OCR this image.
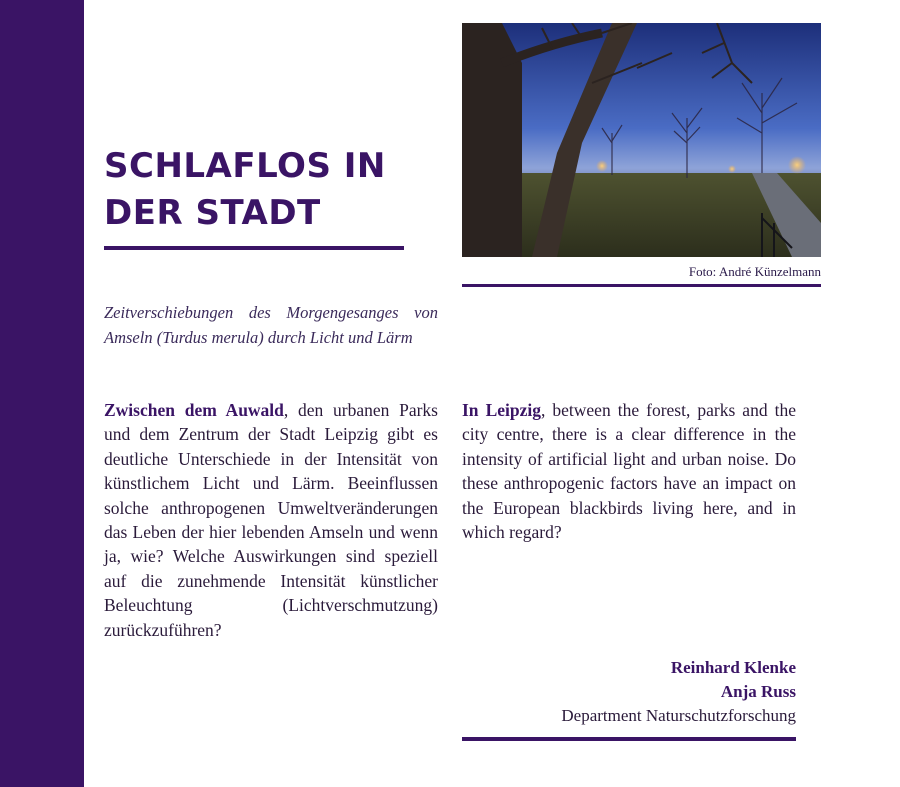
SCHLAFLOS IN
DER STADT
Foto: André Künzelmann

Zeitverschiebungen des Morgengesanges von Amseln (Turdus merula) durch Licht und Lärm

Zwischen dem Auwald, den urbanen Parks und dem Zentrum der Stadt Leipzig gibt es deutliche Unterschiede in der Intensität von künstlichem Licht und Lärm. Beeinflussen solche anthropogenen Umweltveränderungen das Leben der hier lebenden Amseln und wenn ja, wie? Welche Auswirkungen sind speziell auf die zunehmende Intensität künstlicher Beleuchtung (Lichtverschmutzung) zurückzuführen?

In Leipzig, between the forest, parks and the city centre, there is a clear difference in the intensity of artificial light and urban noise. Do these anthropogenic factors have an impact on the European blackbirds living here, and in which regard?

Reinhard Klenke
Anja Russ
Department Naturschutzforschung
